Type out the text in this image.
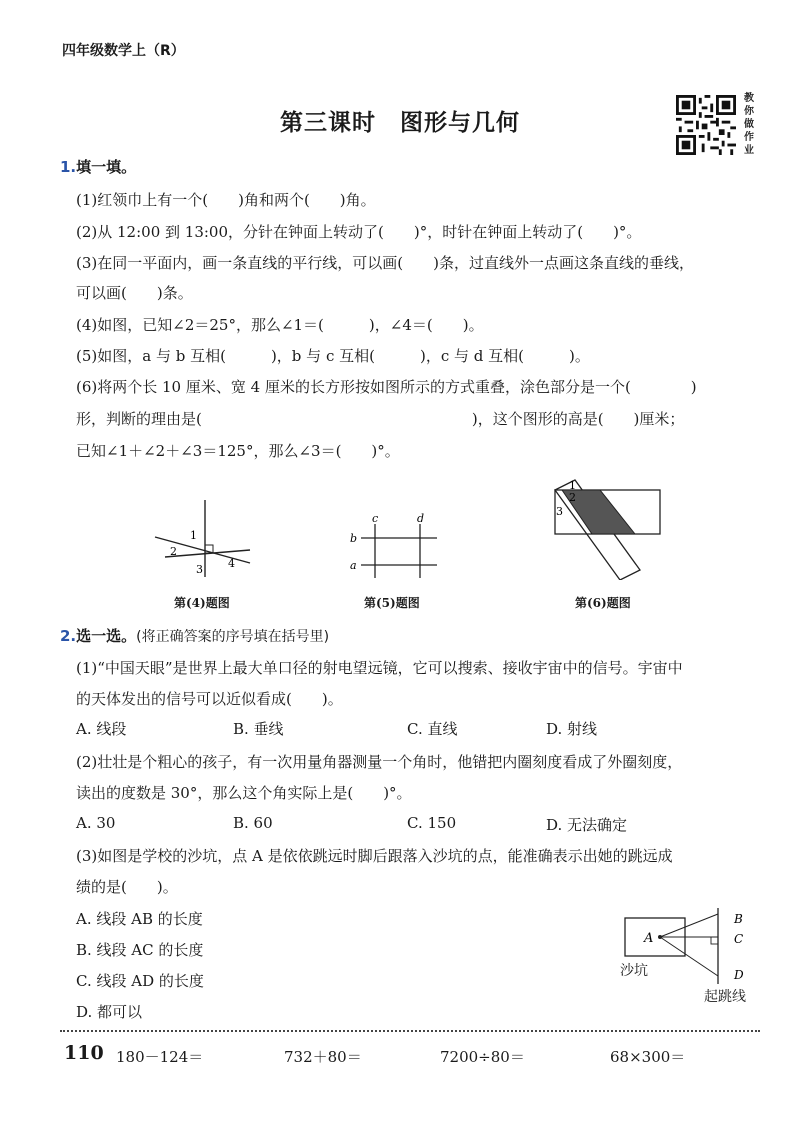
四年级数学上（R）
第三课时　图形与几何
教你做作业
1.填一填。
(1)红领巾上有一个(　　)角和两个(　　)角。
(2)从 12:00 到 13:00，分针在钟面上转动了(　　)°，时针在钟面上转动了(　　)°。
(3)在同一平面内，画一条直线的平行线，可以画(　　)条，过直线外一点画这条直线的垂线，
可以画(　　)条。
(4)如图，已知∠2＝25°，那么∠1＝(　　　)，∠4＝(　　)。
(5)如图，a 与 b 互相(　　　)，b 与 c 互相(　　　)，c 与 d 互相(　　　)。
(6)将两个长 10 厘米、宽 4 厘米的长方形按如图所示的方式重叠，涂色部分是一个(　　　　)
形，判断的理由是(　　　　　　　　　　　　　　　　　　)，这个图形的高是(　　)厘米；
已知∠1＋∠2＋∠3＝125°，那么∠3＝(　　)°。
1
2
3 4
c	d
b
a
1
2
3
第(4)题图	第(5)题图	第(6)题图
2.选一选。(将正确答案的序号填在括号里)
(1)“中国天眼”是世界上最大单口径的射电望远镜，它可以搜索、接收宇宙中的信号。宇宙中
的天体发出的信号可以近似看成(　　)。
A. 线段	B. 垂线	C. 直线	D. 射线
(2)壮壮是个粗心的孩子，有一次用量角器测量一个角时，他错把内圈刻度看成了外圈刻度，
读出的度数是 30°，那么这个角实际上是(　　)°。
A. 30	B. 60	C. 150	D. 无法确定
(3)如图是学校的沙坑，点 A 是依依跳远时脚后跟落入沙坑的点，能准确表示出她的跳远成
绩的是(　　)。
A. 线段 AB 的长度
B. 线段 AC 的长度
C. 线段 AD 的长度
D. 都可以
A
B
C
D
沙坑
起跳线
110 180－124＝	732＋80＝	7200÷80＝	68×300＝
